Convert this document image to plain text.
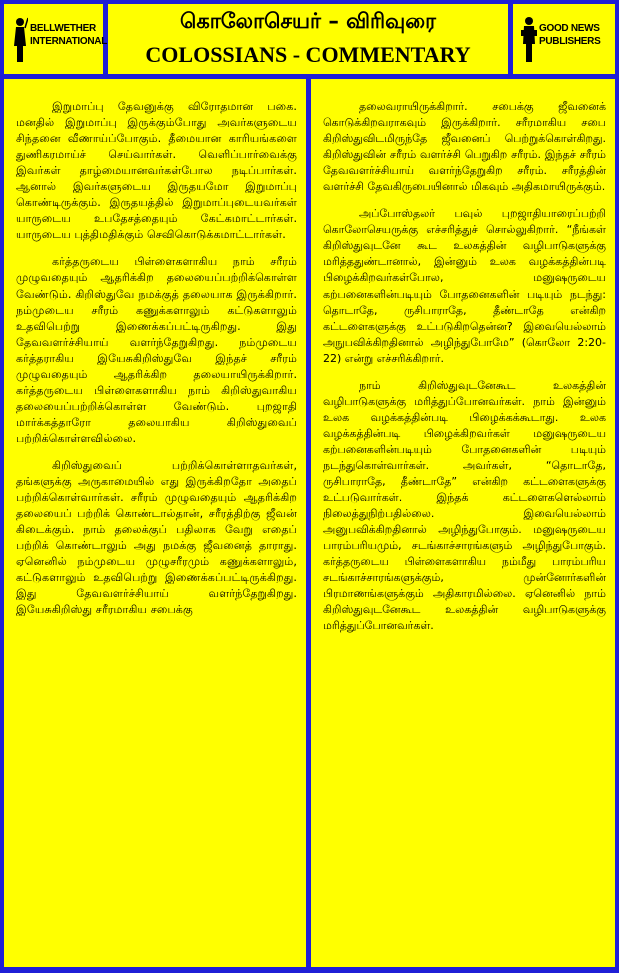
BELLWETHER
INTERNATIONAL
கொலோசெயர் – விரிவுரை
COLOSSIANS - COMMENTARY
GOOD NEWS
PUBLISHERS

இறுமாப்பு தேவனுக்கு விரோதமான பகை. மனதில் இறுமாப்பு இருக்கும்போது அவர்களுடைய சிந்தனை வீணாய்ப்போகும். தீமையான காரியங்களை துணிகரமாய்ச் செய்வார்கள். வெளிப்பார்வைக்கு இவர்கள் தாழ்மையானவர்கள்போல நடிப்பார்கள். ஆனால் இவர்களுடைய இருதயமோ இறுமாப்பு கொண்டிருக்கும். இருதயத்தில் இறுமாப்புடையவர்கள் யாருடைய உபதேசத்தையும் கேட்கமாட்டார்கள். யாருடைய புத்திமதிக்கும் செவிகொடுக்கமாட்டார்கள்.

கர்த்தருடைய பிள்ளைகளாகிய நாம் சரீரம் முழுவதையும் ஆதரிக்கிற தலையைப்பற்றிக்கொள்ள வேண்டும். கிறிஸ்துவே நமக்குத் தலையாக இருக்கிறார். நம்முடைய சரீரம் கணுக்களாலும் கட்டுகளாலும் உதவிபெற்று இணைக்கப்பட்டிருகிறது. இது தேவவளர்ச்சியாய் வளர்ந்தேறுகிறது. நம்முடைய கர்த்தராகிய இயேசுகிறிஸ்துவே இந்தச் சரீரம் முழுவதையும் ஆதரிக்கிற தலையாயிருக்கிறார். கர்த்தருடைய பிள்ளைகளாகிய நாம் கிறிஸ்துவாகிய தலையைப்பற்றிக்கொள்ள வேண்டும். புறஜாதி மார்க்கத்தாரோ தலையாகிய கிறிஸ்துவைப் பற்றிக்கொள்ளவில்லை.

கிறிஸ்துவைப் பற்றிக்கொள்ளாதவர்கள், தங்களுக்கு அருகாமையில் எது இருக்கிறதோ அதைப் பற்றிக்கொள்வார்கள். சரீரம் முழுவதையும் ஆதரிக்கிற தலையைப் பற்றிக் கொண்டால்தான், சரீரத்திற்கு ஜீவன் கிடைக்கும். நாம் தலைக்குப் பதிலாக வேறு எதைப் பற்றிக் கொண்டாலும் அது நமக்கு ஜீவனைத் தாராது. ஏனெனில் நம்முடைய முழுசரீரமும் கணுக்களாலும், கட்டுகளாலும் உதவிபெற்று இணைக்கப்பட்டிருக்கிறது. இது தேவவளர்ச்சியாய் வளர்ந்தேறுகிறது. இயேசுகிறிஸ்து சரீரமாகிய சபைக்கு

தலைவராயிருக்கிறார். சபைக்கு ஜீவனைக் கொடுக்கிறவராகவும் இருக்கிறார். சரீரமாகிய சபை கிறிஸ்துவிடமிருந்தே ஜீவனைப் பெற்றுக்கொள்கிறது. கிறிஸ்துவின் சரீரம் வளர்ச்சி பெறுகிற சரீரம். இந்தச் சரீரம் தேவவளர்ச்சியாய் வளர்ந்தேறுகிற சரீரம். சரீரத்தின் வளர்ச்சி தேவகிருபையினால் மிகவும் அதிகமாயிருக்கும்.

அப்போஸ்தலர் பவுல் புறஜாதியாரைப்பற்றி கொலோசெயருக்கு எச்சரித்துச் சொல்லுகிறார். “நீங்கள் கிறிஸ்துவுடனே கூட உலகத்தின் வழிபாடுகளுக்கு மரித்ததுண்டானால், இன்னும் உலக வழக்கத்தின்படி பிழைக்கிறவர்கள்போல, மனுஷருடைய கற்பனைகளின்படியும் போதனைகளின் படியும் நடந்து: தொடாதே, ருசிபாராதே, தீண்டாதே என்கிற கட்டளைகளுக்கு உட்படுகிறதென்ன? இவையெல்லாம் அநுபவிக்கிறதினால் அழிந்துபோமே” (கொலோ 2:20-22) என்று எச்சரிக்கிறார்.

நாம் கிறிஸ்துவுடனேகூட உலகத்தின் வழிபாடுகளுக்கு மரித்துப்போனவர்கள். நாம் இன்னும் உலக வழக்கத்தின்படி பிழைக்கக்கூடாது. உலக வழக்கத்தின்படி பிழைக்கிறவர்கள் மனுஷருடைய கற்பனைகளின்படியும் போதனைகளின் படியும் நடந்துகொள்வார்கள். அவர்கள், “தொடாதே, ருசிபாராதே, தீண்டாதே” என்கிற கட்டளைகளுக்கு உட்படுவார்கள். இந்தக் கட்டளைகளெல்லாம் நிலைத்துநிற்பதில்லை. இவையெல்லாம் அனுபவிக்கிறதினால் அழிந்துபோகும். மனுஷருடைய பாரம்பரியமும், சடங்காச்சாரங்களும் அழிந்துபோகும். கர்த்தருடைய பிள்ளைகளாகிய நம்மீது பாரம்பரிய சடங்காச்சாரங்களுக்கும், முன்னோர்களின் பிரமாணங்களுக்கும் அதிகாரமில்லை. ஏனெனில் நாம் கிறிஸ்துவுடனேகூட உலகத்தின் வழிபாடுகளுக்கு மரித்துப்போனவர்கள்.
